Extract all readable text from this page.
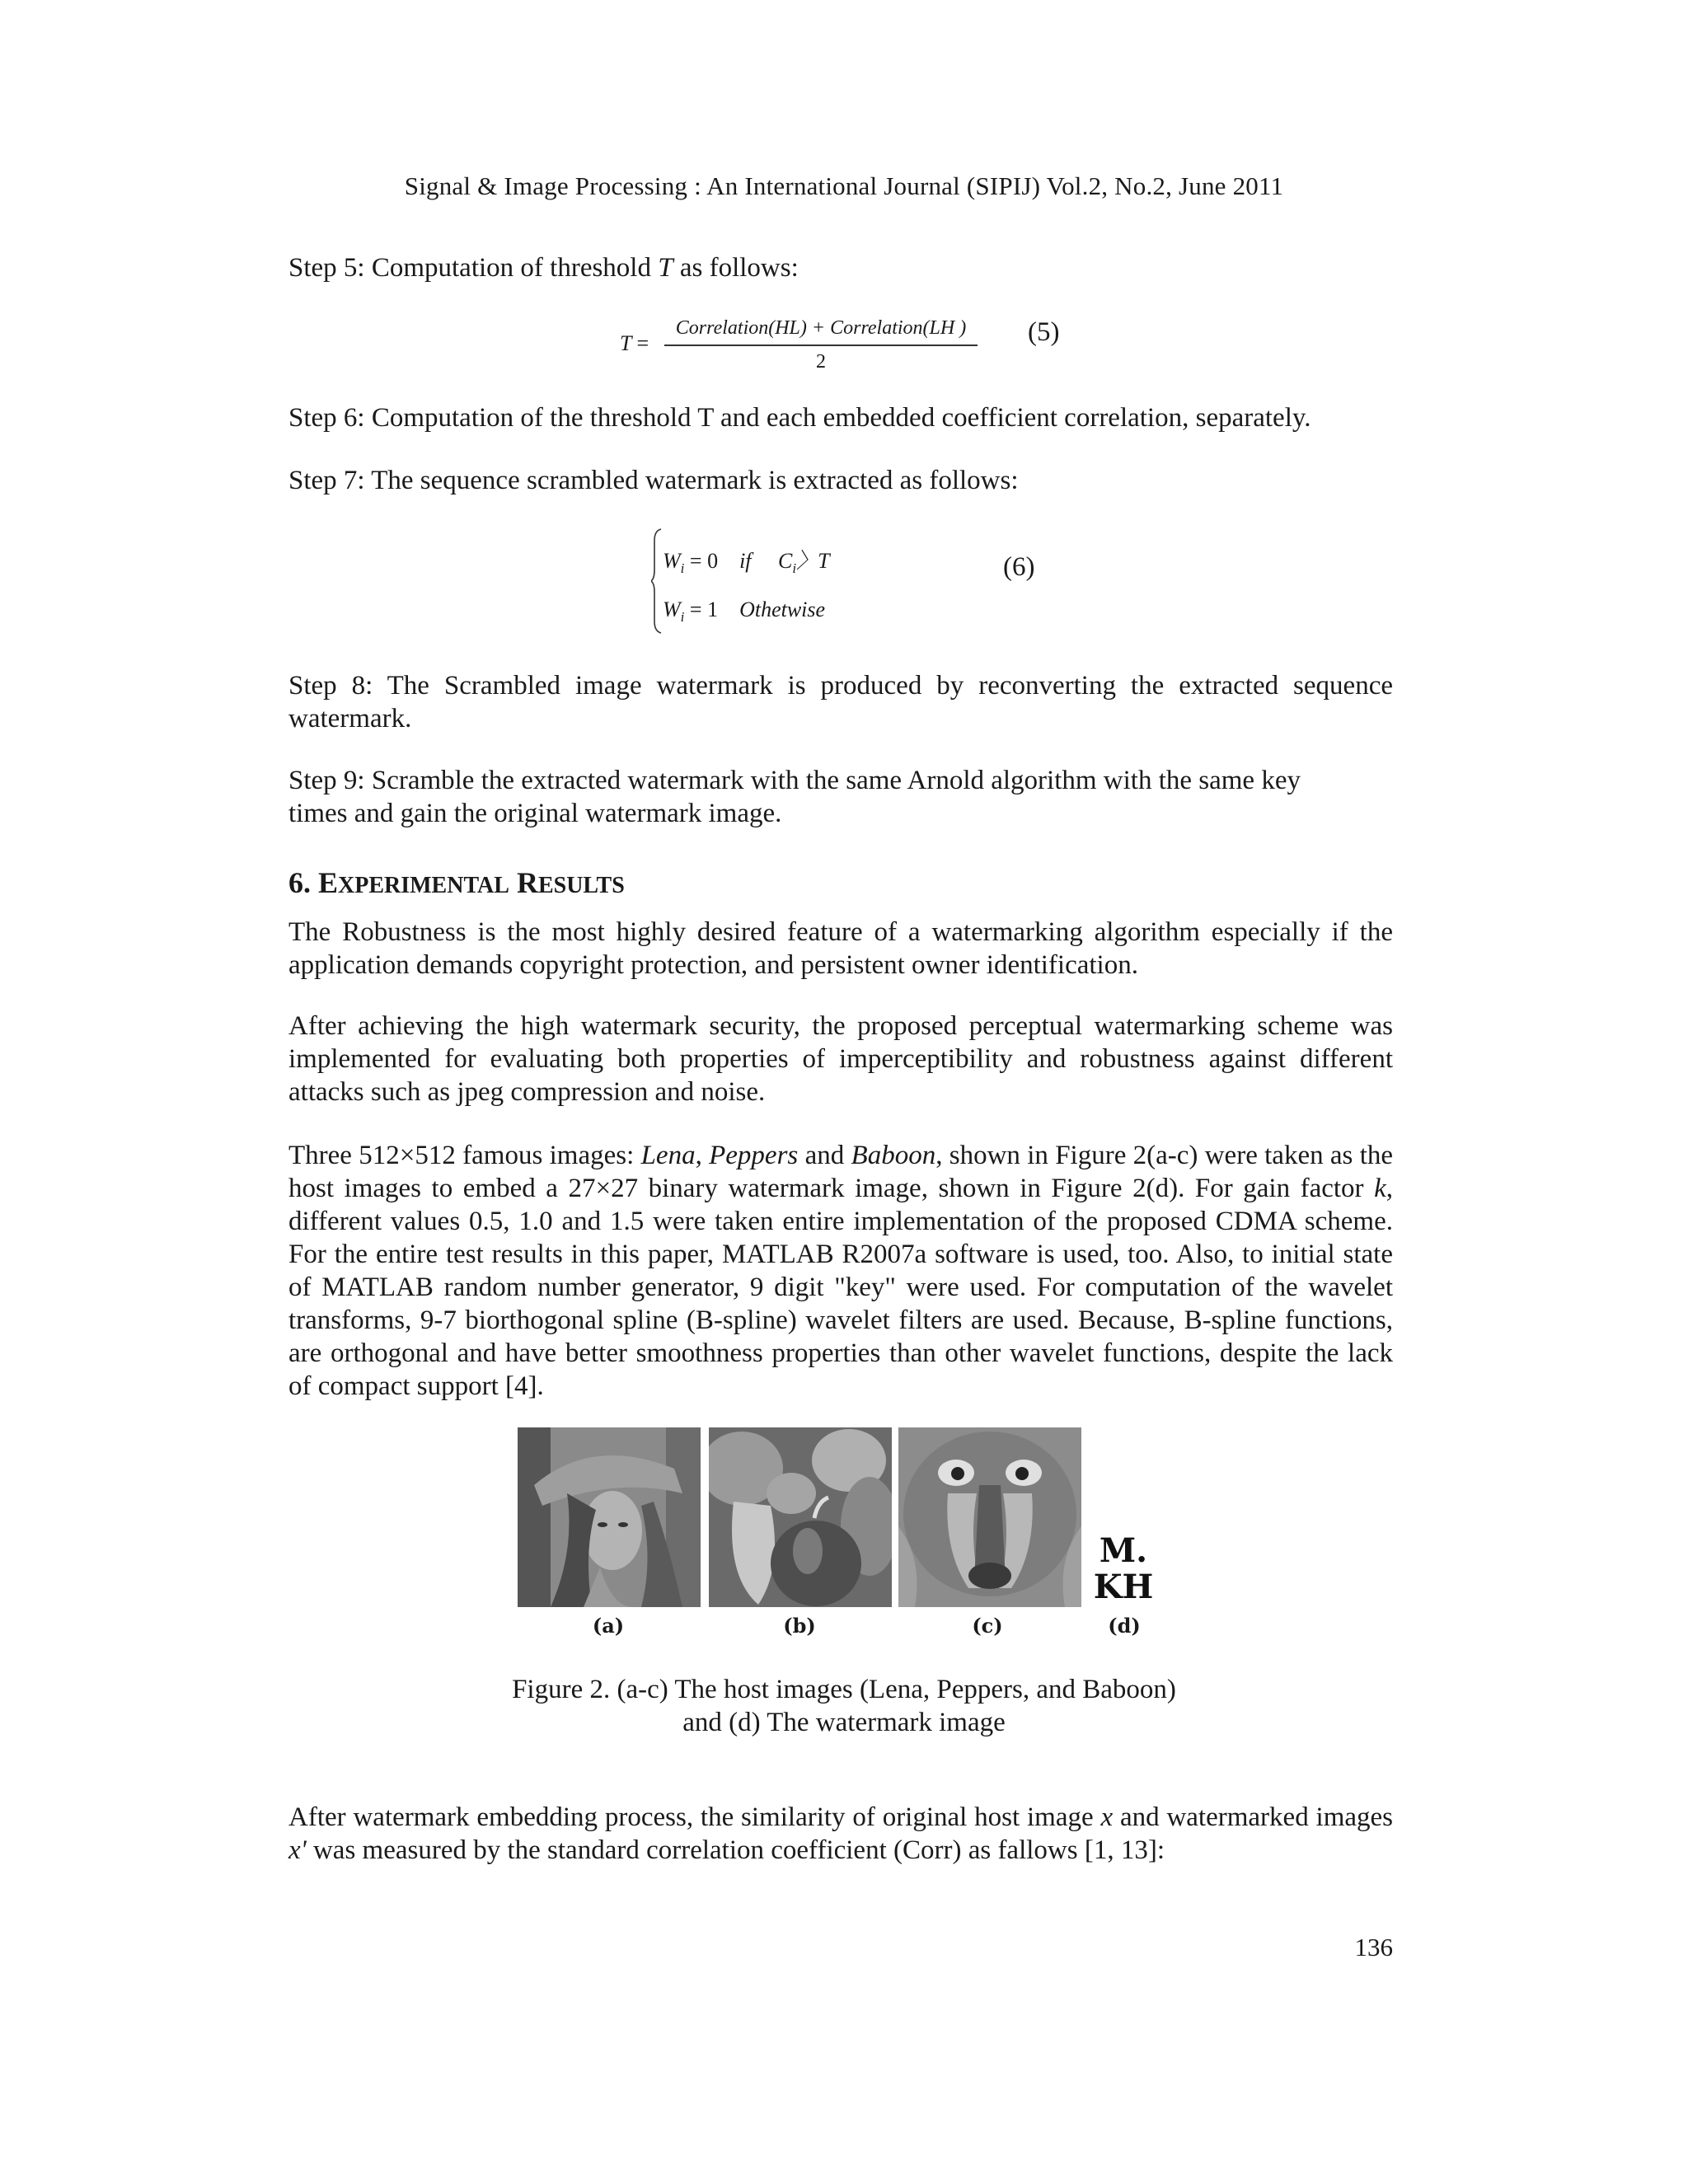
Signal & Image Processing : An International Journal (SIPIJ) Vol.2, No.2, June 2011
Step 5: Computation of threshold T as follows:
T =
Correlation(HL) + Correlation(LH )
2
(5)
Step 6: Computation of the threshold T and each embedded coefficient correlation, separately.
Step 7: The sequence scrambled watermark is extracted as follows:
$W_i = 0$ if $C_i〉T$
$W_i = 1$ Othetwise
(6)
Step 8: The Scrambled image watermark is produced by reconverting the extracted sequence watermark.
Step 9: Scramble the extracted watermark with the same Arnold algorithm with the same key
times and gain the original watermark image.
6. EXPERIMENTAL RESULTS
The Robustness is the most highly desired feature of a watermarking algorithm especially if the application demands copyright protection, and persistent owner identification.
After achieving the high watermark security, the proposed perceptual watermarking scheme was implemented for evaluating both properties of imperceptibility and robustness against different attacks such as jpeg compression and noise.
Three 512×512 famous images: Lena, Peppers and Baboon, shown in Figure 2(a-c) were taken as the host images to embed a 27×27 binary watermark image, shown in Figure 2(d). For gain factor k, different values 0.5, 1.0 and 1.5 were taken entire implementation of the proposed CDMA scheme. For the entire test results in this paper, MATLAB R2007a software is used, too. Also, to initial state of MATLAB random number generator, 9 digit "key" were used. For computation of the wavelet transforms, 9-7 biorthogonal spline (B-spline) wavelet filters are used. Because, B-spline functions, are orthogonal and have better smoothness properties than other wavelet functions, despite the lack of compact support [4].
M.
KH
(a)	(b)	(c)	(d)
Figure 2. (a-c) The host images (Lena, Peppers, and Baboon)
and (d) The watermark image
After watermark embedding process, the similarity of original host image x and watermarked images x' was measured by the standard correlation coefficient (Corr) as fallows [1, 13]:
136
